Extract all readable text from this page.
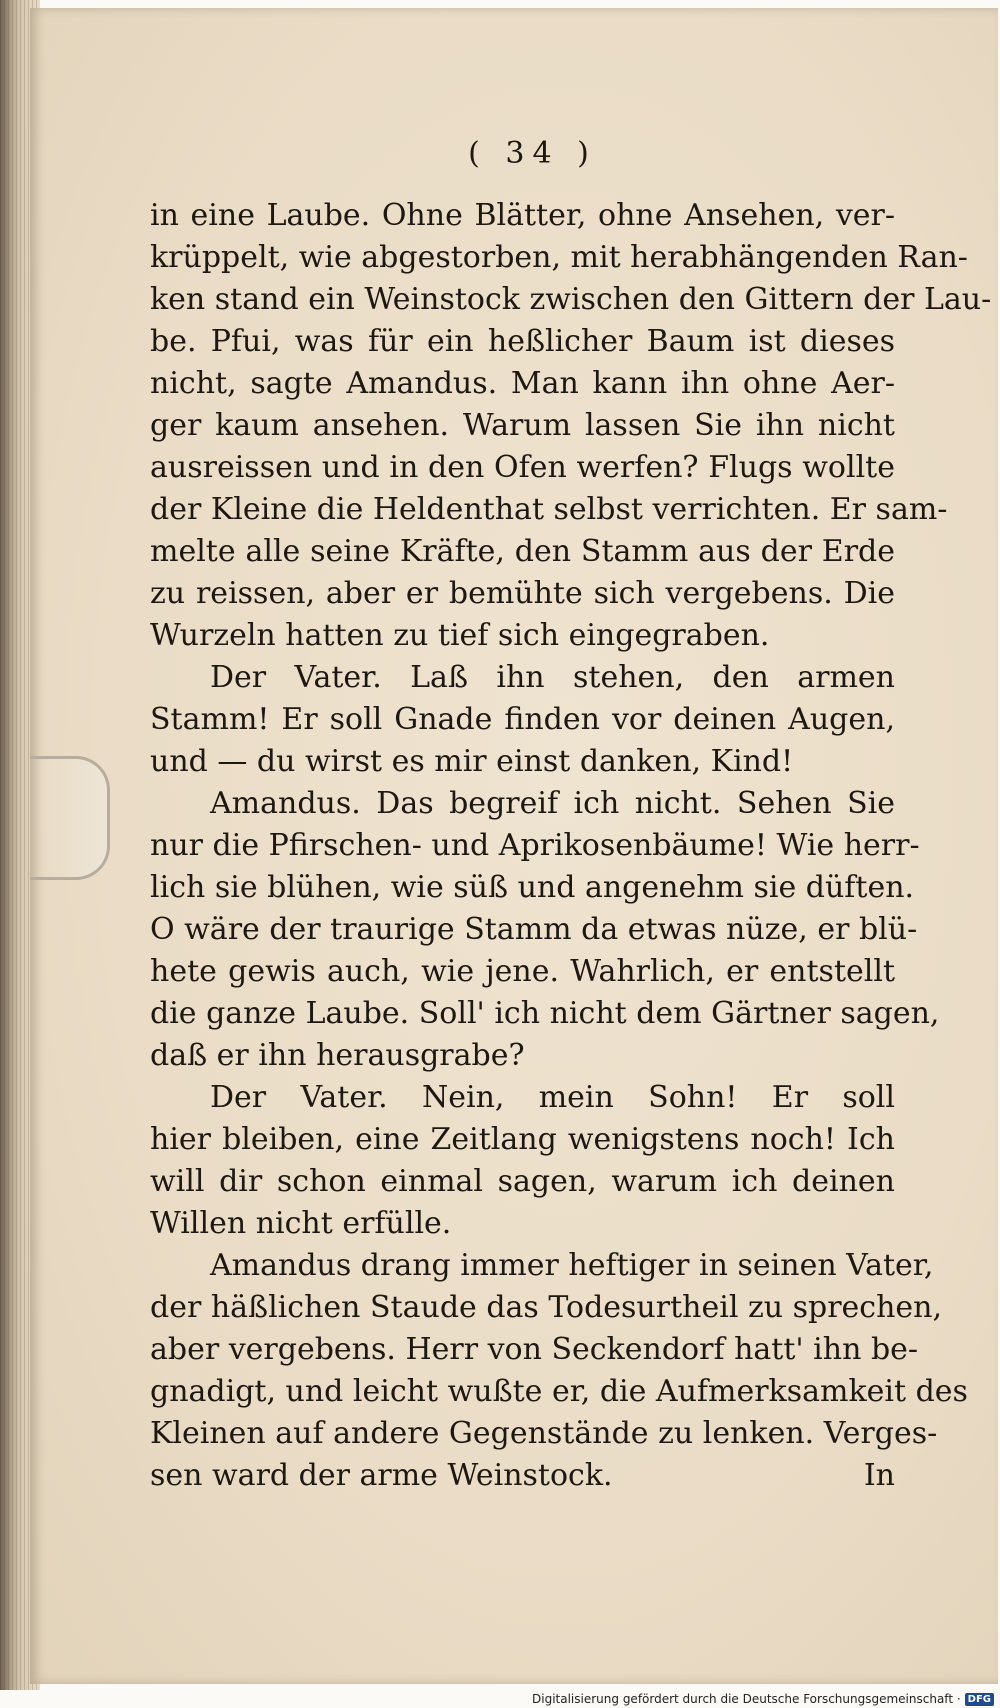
( 34 )
in eine Laube. Ohne Blätter, ohne Ansehen, ver-
krüppelt, wie abgestorben, mit herabhängenden Ran-
ken stand ein Weinstock zwischen den Gittern der Lau-
be. Pfui, was für ein heßlicher Baum ist dieses
nicht, sagte Amandus. Man kann ihn ohne Aer-
ger kaum ansehen. Warum lassen Sie ihn nicht
ausreissen und in den Ofen werfen? Flugs wollte
der Kleine die Heldenthat selbst verrichten. Er sam-
melte alle seine Kräfte, den Stamm aus der Erde
zu reissen, aber er bemühte sich vergebens. Die
Wurzeln hatten zu tief sich eingegraben.
Der Vater. Laß ihn stehen, den armen
Stamm! Er soll Gnade finden vor deinen Augen,
und — du wirst es mir einst danken, Kind!
Amandus. Das begreif ich nicht. Sehen Sie
nur die Pfirschen- und Aprikosenbäume! Wie herr-
lich sie blühen, wie süß und angenehm sie düften.
O wäre der traurige Stamm da etwas nüze, er blü-
hete gewis auch, wie jene. Wahrlich, er entstellt
die ganze Laube. Soll' ich nicht dem Gärtner sagen,
daß er ihn herausgrabe?
Der Vater. Nein, mein Sohn! Er soll
hier bleiben, eine Zeitlang wenigstens noch! Ich
will dir schon einmal sagen, warum ich deinen
Willen nicht erfülle.
Amandus drang immer heftiger in seinen Vater,
der häßlichen Staude das Todesurtheil zu sprechen,
aber vergebens. Herr von Seckendorf hatt' ihn be-
gnadigt, und leicht wußte er, die Aufmerksamkeit des
Kleinen auf andere Gegenstände zu lenken. Verges-
sen ward der arme Weinstock.	In
Digitalisierung gefördert durch die Deutsche Forschungsgemeinschaft · DFG
